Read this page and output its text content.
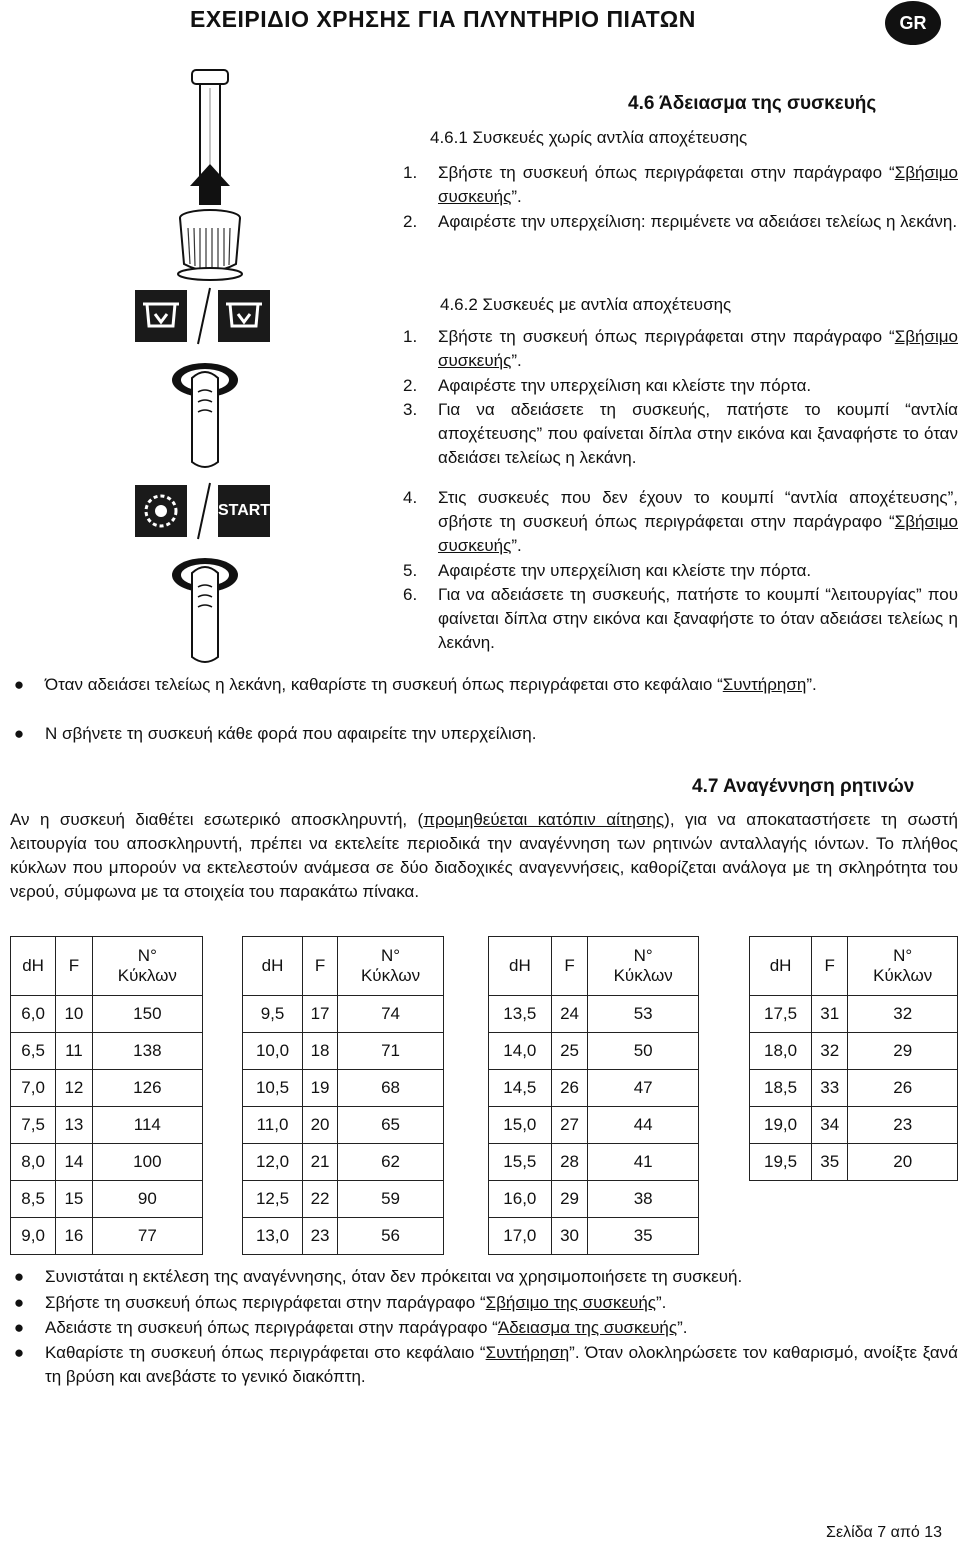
ΕΧΕΙΡΙΔΙΟ ΧΡΗΣΗΣ ΓΙΑ ΠΛΥΝΤΗΡΙΟ ΠΙΑΤΩΝ	GR
START
4.6 Άδειασμα της συσκευής
4.6.1 Συσκευές χωρίς αντλία αποχέτευσης
1. Σβήστε τη συσκευή όπως περιγράφεται στην παράγραφο “Σβήσιμο συσκευής”.
2. Αφαιρέστε την υπερχείλιση: περιμένετε να αδειάσει τελείως η λεκάνη.
4.6.2 Συσκευές με αντλία αποχέτευσης
1. Σβήστε τη συσκευή όπως περιγράφεται στην παράγραφο “Σβήσιμο συσκευής”.
2. Αφαιρέστε την υπερχείλιση και κλείστε την πόρτα.
3. Για να αδειάσετε τη συσκευής, πατήστε το κουμπί “αντλία αποχέτευσης” που φαίνεται δίπλα στην εικόνα και ξαναφήστε το όταν αδειάσει τελείως η λεκάνη.
4. Στις συσκευές που δεν έχουν το κουμπί “αντλία αποχέτευσης”, σβήστε τη συσκευή όπως περιγράφεται στην παράγραφο “Σβήσιμο συσκευής”.
5. Αφαιρέστε την υπερχείλιση και κλείστε την πόρτα.
6. Για να αδειάσετε τη συσκευής, πατήστε το κουμπί “λειτουργίας” που φαίνεται δίπλα στην εικόνα και ξαναφήστε το όταν αδειάσει τελείως η λεκάνη.
● Όταν αδειάσει τελείως η λεκάνη, καθαρίστε τη συσκευή όπως περιγράφεται στο κεφάλαιο “Συντήρηση”.
● Ν σβήνετε τη συσκευή κάθε φορά που αφαιρείτε την υπερχείλιση.
4.7 Αναγέννηση ρητινών
Αν η συσκευή διαθέτει εσωτερικό αποσκληρυντή, (προμηθεύεται κατόπιν αίτησης), για να αποκαταστήσετε τη σωστή λειτουργία του αποσκληρυντή, πρέπει να εκτελείτε περιοδικά την αναγέννηση των ρητινών ανταλλαγής ιόντων. Το πλήθος κύκλων που μπορούν να εκτελεστούν ανάμεσα σε δύο διαδοχικές αναγεννήσεις, καθορίζεται ανάλογα με τη σκληρότητα του νερού, σύμφωνα με τα στοιχεία του παρακάτω πίνακα.
dH	F	N°
Κύκλων
6,0	10	150
6,5	11	138
7,0	12	126
7,5	13	114
8,0	14	100
8,5	15	90
9,0	16	77
dH	F	N°
Κύκλων
9,5	17	74
10,0	18	71
10,5	19	68
11,0	20	65
12,0	21	62
12,5	22	59
13,0	23	56
dH	F	N°
Κύκλων
13,5	24	53
14,0	25	50
14,5	26	47
15,0	27	44
15,5	28	41
16,0	29	38
17,0	30	35
dH	F	N°
Κύκλων
17,5	31	32
18,0	32	29
18,5	33	26
19,0	34	23
19,5	35	20
● Συνιστάται η εκτέλεση της αναγέννησης, όταν δεν πρόκειται να χρησιμοποιήσετε τη συσκευή.
● Σβήστε τη συσκευή όπως περιγράφεται στην παράγραφο “Σβήσιμο της συσκευής”.
● Αδειάστε τη συσκευή όπως περιγράφεται στην παράγραφο “Άδειασμα της συσκευής”.
● Καθαρίστε τη συσκευή όπως περιγράφεται στο κεφάλαιο “Συντήρηση”. Όταν ολοκληρώσετε τον καθαρισμό, ανοίξτε ξανά τη βρύση και ανεβάστε το γενικό διακόπτη.
Σελίδα 7 από 13
